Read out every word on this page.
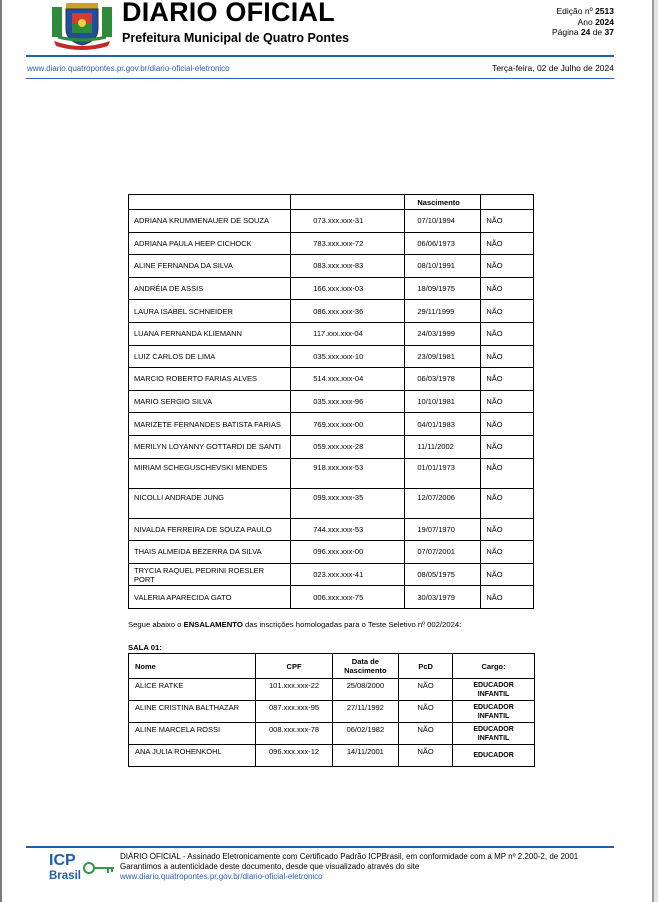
DIARIO OFICIAL
Prefeitura Municipal de Quatro Pontes
Edição nº 2513
Ano 2024
Página 24 de 37
www.diario.quatropontes.pr.gov.br/diario-oficial-eletronico	Terça-feira, 02 de Julho de 2024
		Nascimento	
ADRIANA KRUMMENAUER DE SOUZA	073.xxx.xxx-31	07/10/1994	NÃO
ADRIANA PAULA HEEP CICHOCK	783.xxx.xxx-72	06/06/1973	NÃO
ALINE FERNANDA DA SILVA	083.xxx.xxx-83	08/10/1991	NÃO
ANDRÉIA DE ASSIS	166.xxx.xxx-03	18/09/1975	NÃO
LAURA ISABEL SCHNEIDER	086.xxx.xxx-36	29/11/1999	NÃO
LUANA FERNANDA KLIEMANN	117.xxx.xxx-04	24/03/1999	NÃO
LUIZ CARLOS DE LIMA	035.xxx.xxx-10	23/09/1981	NÃO
MARCIO ROBERTO FARIAS ALVES	514.xxx.xxx-04	06/03/1978	NÃO
MARIO SERGIO SILVA	035.xxx.xxx-96	10/10/1981	NÃO
MARIZETE FERNANDES BATISTA FARIAS	769.xxx.xxx-00	04/01/1983	NÃO
MERILYN LOYANNY GOTTARDI DE SANTI	059.xxx.xxx-28	11/11/2002	NÃO
MIRIAM SCHEGUSCHEVSKI MENDES	918.xxx.xxx-53	01/01/1973	NÃO
NICOLLI ANDRADE JUNG	099.xxx.xxx-35	12/07/2006	NÃO
NIVALDA FERREIRA DE SOUZA PAULO	744.xxx.xxx-53	19/07/1970	NÃO
THAIS ALMEIDA BEZERRA DA SILVA	096.xxx.xxx-00	07/07/2001	NÃO
TRYCIA RAQUEL PEDRINI ROESLER PORT	023.xxx.xxx-41	08/05/1975	NÃO
VALERIA APARECIDA GATO	006.xxx.xxx-75	30/03/1979	NÃO
Segue abaixo o ENSALAMENTO das inscrições homologadas para o Teste Seletivo nº 002/2024:
SALA 01:
Nome	CPF	Data de Nascimento	PcD	Cargo:
ALICE RATKE	101.xxx.xxx-22	25/08/2000	NÃO	EDUCADOR INFANTIL
ALINE CRISTINA BALTHAZAR	087.xxx.xxx-95	27/11/1992	NÃO	EDUCADOR INFANTIL
ALINE MARCELA ROSSI	008.xxx.xxx-78	06/02/1982	NÃO	EDUCADOR INFANTIL
ANA JULIA ROHENKOHL	096.xxx.xxx-12	14/11/2001	NÃO	EDUCADOR
ICP
Brasil
DIÁRIO OFICIAL - Assinado Eletronicamente com Certificado Padrão ICPBrasil, em conformidade com a MP nº 2.200-2, de 2001
Garantimos a autenticidade deste documento, desde que visualizado através do site
www.diario.quatropontes.pr.gov.br/diario-oficial-eletronico
